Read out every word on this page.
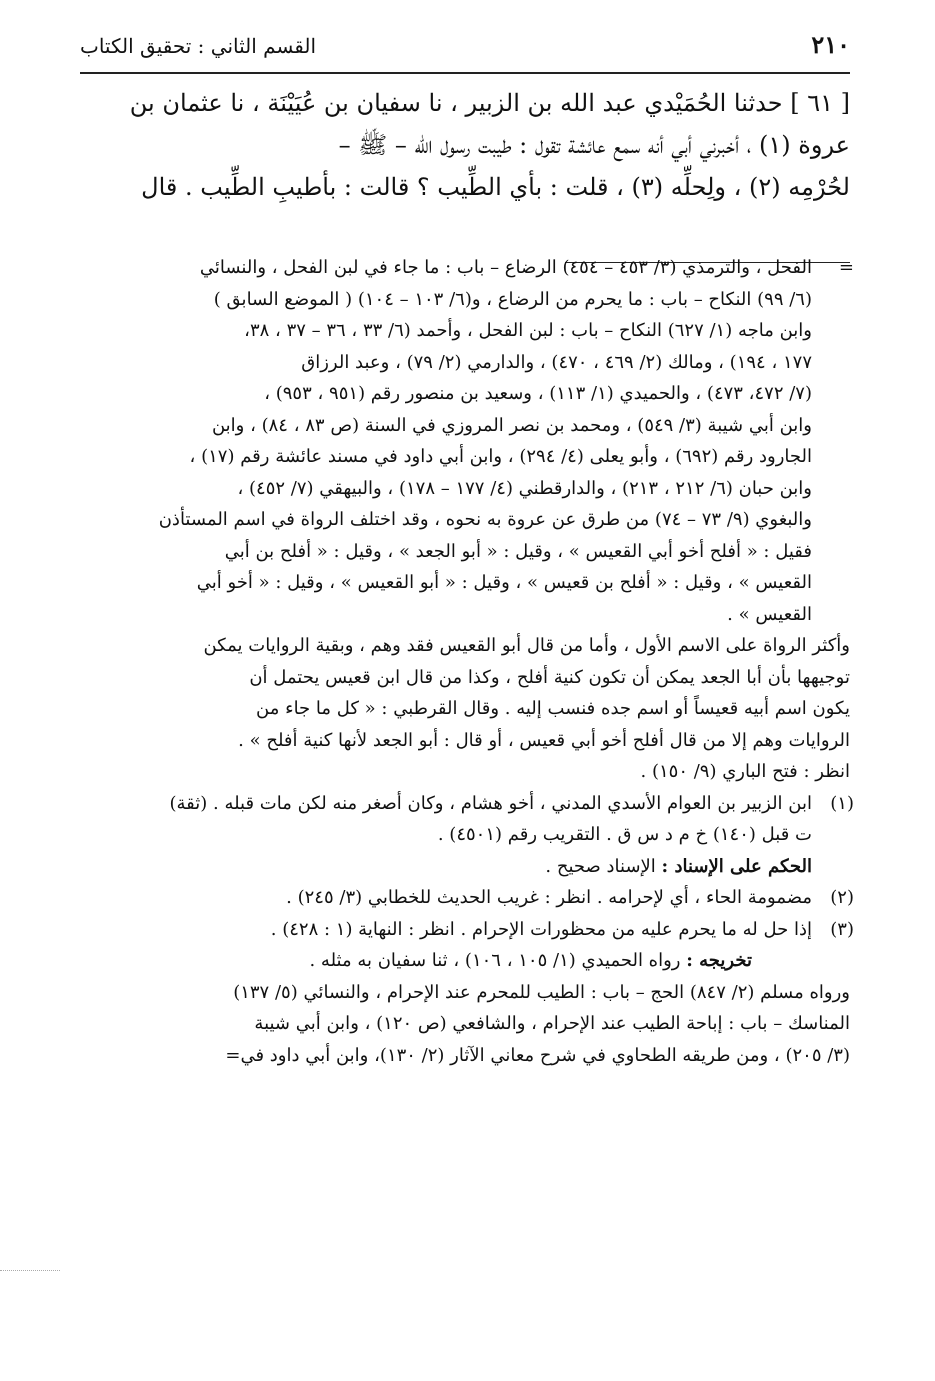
٢١٠
القسم الثاني : تحقيق الكتاب

[ ٦١ ] حدثنا الحُمَيْدي عبد الله بن الزبير ، نا سفيان بن عُيَيْنَة ، نا عثمان بن

عروة (١) ، أخبرني أبي أنه سمع عائشة تقول : طيبت رسول الله – ﷺ –

لحُرْمِه (٢) ، ولِحلِّه (٣) ، قلت : بأي الطِّيب ؟ قالت : بأطيبِ الطِّيب . قال

=

الفحل ، والترمذي (٣/ ٤٥٣ – ٤٥٤) الرضاع – باب : ما جاء في لبن الفحل ، والنسائي

(٦/ ٩٩) النكاح – باب : ما يحرم من الرضاع ، و(٦/ ١٠٣ – ١٠٤) ( الموضع السابق )

وابن ماجه (١/ ٦٢٧) النكاح – باب : لبن الفحل ، وأحمد (٦/ ٣٣ ، ٣٦ – ٣٧ ، ٣٨،

١٧٧ ، ١٩٤) ، ومالك (٢/ ٤٦٩ ، ٤٧٠) ، والدارمي (٢/ ٧٩) ، وعبد الرزاق

(٧/ ٤٧٢، ٤٧٣) ، والحميدي (١/ ١١٣) ، وسعيد بن منصور رقم (٩٥١ ، ٩٥٣) ،

وابن أبي شيبة (٣/ ٥٤٩) ، ومحمد بن نصر المروزي في السنة (ص ٨٣ ، ٨٤) ، وابن

الجارود رقم (٦٩٢) ، وأبو يعلى (٤/ ٢٩٤) ، وابن أبي داود في مسند عائشة رقم (١٧) ،

وابن حبان (٦/ ٢١٢ ، ٢١٣) ، والدارقطني (٤/ ١٧٧ – ١٧٨) ، والبيهقي (٧/ ٤٥٢) ،

والبغوي (٩/ ٧٣ – ٧٤) من طرق عن عروة به نحوه ، وقد اختلف الرواة في اسم المستأذن

فقيل : « أفلح أخو أبي القعيس » ، وقيل : « أبو الجعد » ، وقيل : « أفلح بن أبي

القعيس » ، وقيل : « أفلح بن قعيس » ، وقيل : « أبو القعيس » ، وقيل : « أخو أبي

القعيس » .

وأكثر الرواة على الاسم الأول ، وأما من قال أبو القعيس فقد وهم ، وبقية الروايات يمكن

توجيهها بأن أبا الجعد يمكن أن تكون كنية أفلح ، وكذا من قال ابن قعيس يحتمل أن

يكون اسم أبيه قعيساً أو اسم جده فنسب إليه . وقال القرطبي : « كل ما جاء من

الروايات وهم إلا من قال أفلح أخو أبي قعيس ، أو قال : أبو الجعد لأنها كنية أفلح » .

انظر : فتح الباري (٩/ ١٥٠) .

(١)

ابن الزبير بن العوام الأسدي المدني ، أخو هشام ، وكان أصغر منه لكن مات قبله . (ثقة)

ت قبل (١٤٠) خ م د س ق . التقريب رقم (٤٥٠١) .

الحكم على الإسناد : الإسناد صحيح .

(٢)

مضمومة الحاء ، أي لإحرامه . انظر : غريب الحديث للخطابي (٣/ ٢٤٥) .

(٣)

إذا حل له ما يحرم عليه من محظورات الإحرام . انظر : النهاية (١ : ٤٢٨) .

تخريجه : رواه الحميدي (١/ ١٠٥ ، ١٠٦) ، ثنا سفيان به مثله .

ورواه مسلم (٢/ ٨٤٧) الحج – باب : الطيب للمحرم عند الإحرام ، والنسائي (٥/ ١٣٧)

المناسك – باب : إباحة الطيب عند الإحرام ، والشافعي (ص ١٢٠) ، وابن أبي شيبة

(٣/ ٢٠٥) ، ومن طريقه الطحاوي في شرح معاني الآثار (٢/ ١٣٠)، وابن أبي داود في=
